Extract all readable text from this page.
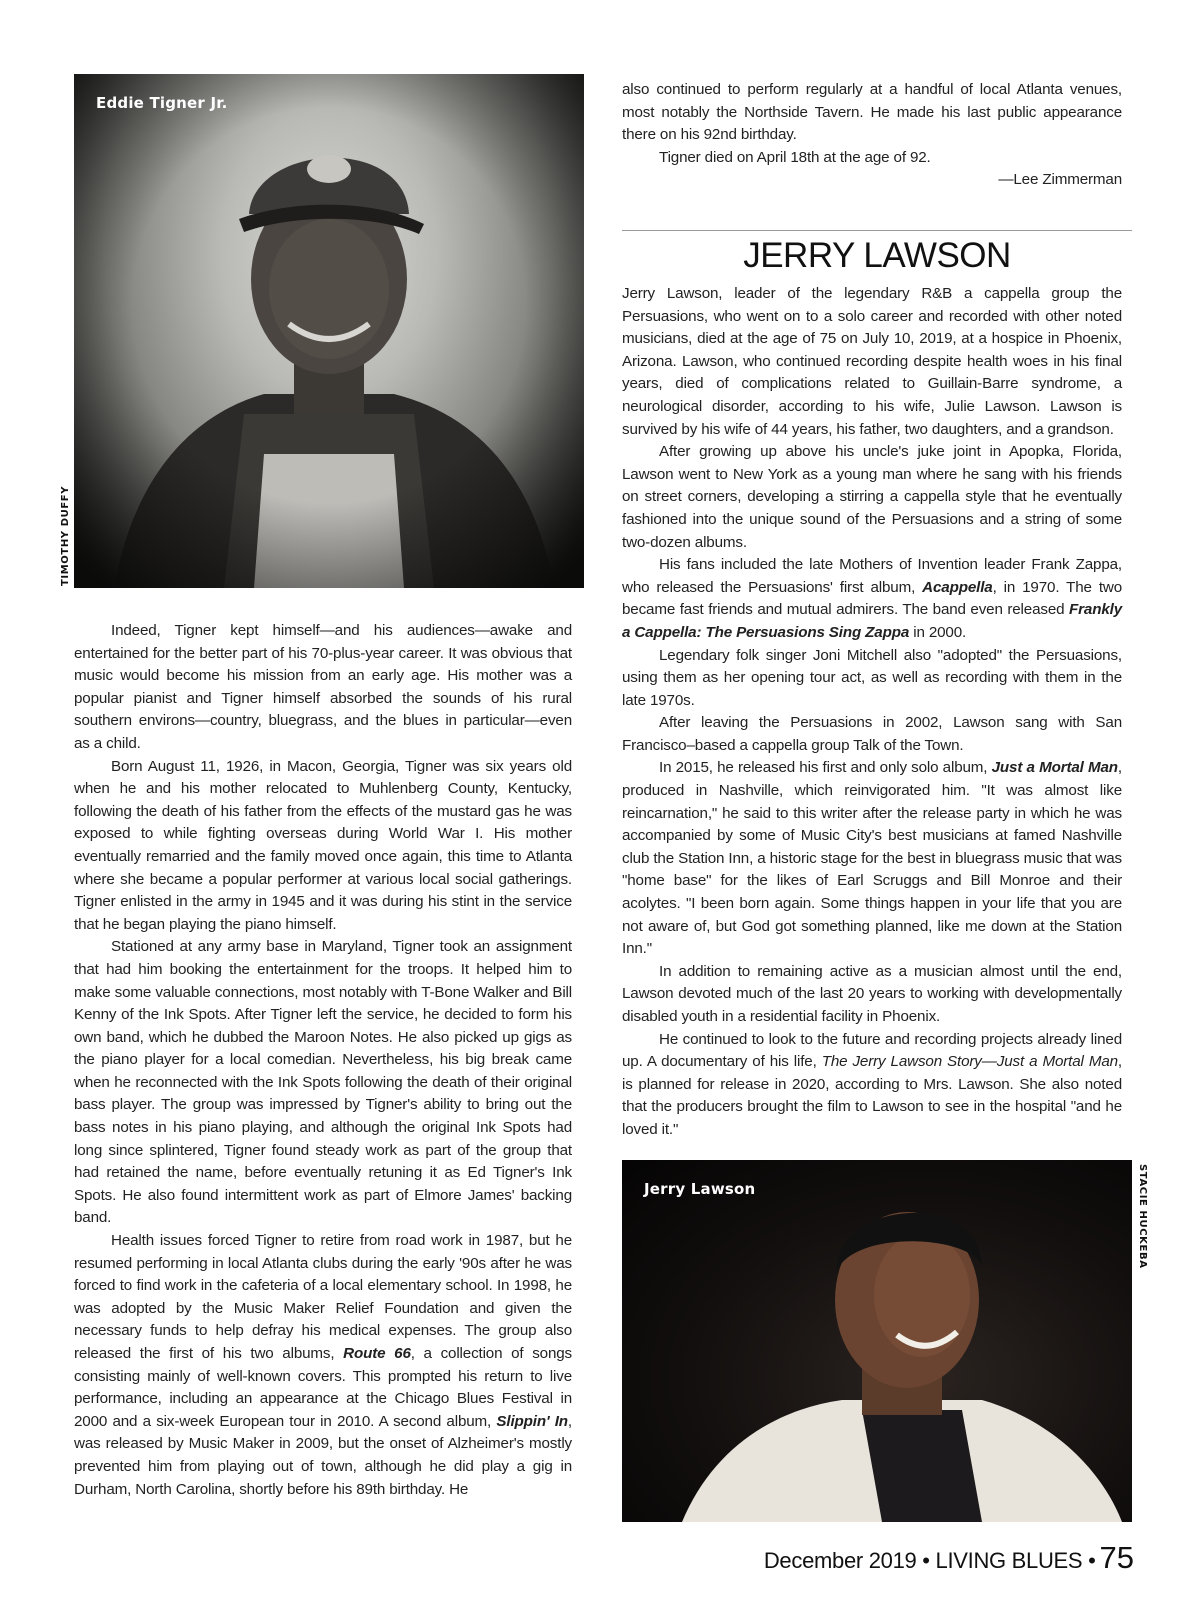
Eddie Tigner Jr.
TIMOTHY DUFFY

Indeed, Tigner kept himself—and his audiences—awake and entertained for the better part of his 70-plus-year career. It was obvious that music would become his mission from an early age. His mother was a popular pianist and Tigner himself absorbed the sounds of his rural southern environs—country, bluegrass, and the blues in particular—even as a child.

Born August 11, 1926, in Macon, Georgia, Tigner was six years old when he and his mother relocated to Muhlenberg County, Kentucky, following the death of his father from the effects of the mustard gas he was exposed to while fighting overseas during World War I. His mother eventually remarried and the family moved once again, this time to Atlanta where she became a popular performer at various local social gatherings. Tigner enlisted in the army in 1945 and it was during his stint in the service that he began playing the piano himself.

Stationed at any army base in Maryland, Tigner took an assignment that had him booking the entertainment for the troops. It helped him to make some valuable connections, most notably with T-Bone Walker and Bill Kenny of the Ink Spots. After Tigner left the service, he decided to form his own band, which he dubbed the Maroon Notes. He also picked up gigs as the piano player for a local comedian. Nevertheless, his big break came when he reconnected with the Ink Spots following the death of their original bass player. The group was impressed by Tigner's ability to bring out the bass notes in his piano playing, and although the original Ink Spots had long since splintered, Tigner found steady work as part of the group that had retained the name, before eventually retuning it as Ed Tigner's Ink Spots. He also found intermittent work as part of Elmore James' backing band.

Health issues forced Tigner to retire from road work in 1987, but he resumed performing in local Atlanta clubs during the early '90s after he was forced to find work in the cafeteria of a local elementary school. In 1998, he was adopted by the Music Maker Relief Foundation and given the necessary funds to help defray his medical expenses. The group also released the first of his two albums, Route 66, a collection of songs consisting mainly of well-known covers. This prompted his return to live performance, including an appearance at the Chicago Blues Festival in 2000 and a six-week European tour in 2010. A second album, Slippin' In, was released by Music Maker in 2009, but the onset of Alzheimer's mostly prevented him from playing out of town, although he did play a gig in Durham, North Carolina, shortly before his 89th birthday. He

also continued to perform regularly at a handful of local Atlanta venues, most notably the Northside Tavern. He made his last public appearance there on his 92nd birthday.

Tigner died on April 18th at the age of 92.

—Lee Zimmerman

JERRY LAWSON

Jerry Lawson, leader of the legendary R&B a cappella group the Persuasions, who went on to a solo career and recorded with other noted musicians, died at the age of 75 on July 10, 2019, at a hospice in Phoenix, Arizona. Lawson, who continued recording despite health woes in his final years, died of complications related to Guillain-Barre syndrome, a neurological disorder, according to his wife, Julie Lawson. Lawson is survived by his wife of 44 years, his father, two daughters, and a grandson.

After growing up above his uncle's juke joint in Apopka, Florida, Lawson went to New York as a young man where he sang with his friends on street corners, developing a stirring a cappella style that he eventually fashioned into the unique sound of the Persuasions and a string of some two-dozen albums.

His fans included the late Mothers of Invention leader Frank Zappa, who released the Persuasions' first album, Acappella, in 1970. The two became fast friends and mutual admirers. The band even released Frankly a Cappella: The Persuasions Sing Zappa in 2000.

Legendary folk singer Joni Mitchell also "adopted" the Persuasions, using them as her opening tour act, as well as recording with them in the late 1970s.

After leaving the Persuasions in 2002, Lawson sang with San Francisco–based a cappella group Talk of the Town.

In 2015, he released his first and only solo album, Just a Mortal Man, produced in Nashville, which reinvigorated him. "It was almost like reincarnation," he said to this writer after the release party in which he was accompanied by some of Music City's best musicians at famed Nashville club the Station Inn, a historic stage for the best in bluegrass music that was "home base" for the likes of Earl Scruggs and Bill Monroe and their acolytes. "I been born again. Some things happen in your life that you are not aware of, but God got something planned, like me down at the Station Inn."

In addition to remaining active as a musician almost until the end, Lawson devoted much of the last 20 years to working with developmentally disabled youth in a residential facility in Phoenix.

He continued to look to the future and recording projects already lined up. A documentary of his life, The Jerry Lawson Story—Just a Mortal Man, is planned for release in 2020, according to Mrs. Lawson. She also noted that the producers brought the film to Lawson to see in the hospital "and he loved it."

Jerry Lawson	STACIE HUCKEBA
December 2019 • LIVING BLUES • 75
